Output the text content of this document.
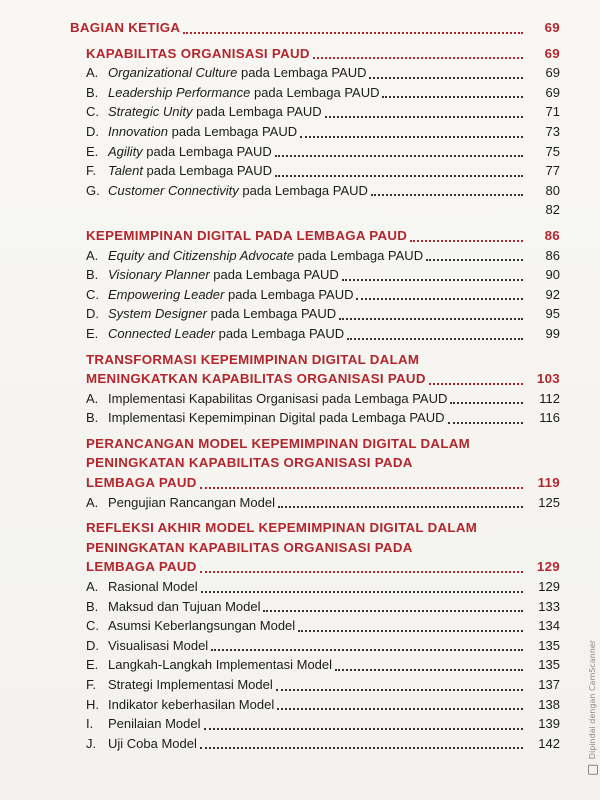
BAGIAN KETIGA	69
KAPABILITAS ORGANISASI PAUD	69
A. Organizational Culture pada Lembaga PAUD	69
B. Leadership Performance pada Lembaga PAUD	69
C. Strategic Unity pada Lembaga PAUD	71
D. Innovation pada Lembaga PAUD	73
E. Agility pada Lembaga PAUD	75
F. Talent pada Lembaga PAUD	77
G. Customer Connectivity pada Lembaga PAUD	80
82
KEPEMIMPINAN DIGITAL PADA LEMBAGA PAUD	86
A. Equity and Citizenship Advocate pada Lembaga PAUD	86
B. Visionary Planner pada Lembaga PAUD	90
C. Empowering Leader pada Lembaga PAUD	92
D. System Designer pada Lembaga PAUD	95
E. Connected Leader pada Lembaga PAUD	99
TRANSFORMASI KEPEMIMPINAN DIGITAL DALAM
MENINGKATKAN KAPABILITAS ORGANISASI PAUD	103
A. Implementasi Kapabilitas Organisasi pada Lembaga PAUD	112
B. Implementasi Kepemimpinan Digital pada Lembaga PAUD	116
PERANCANGAN MODEL KEPEMIMPINAN DIGITAL DALAM
PENINGKATAN KAPABILITAS ORGANISASI PADA
LEMBAGA PAUD	119
A. Pengujian Rancangan Model	125
REFLEKSI AKHIR MODEL KEPEMIMPINAN DIGITAL DALAM
PENINGKATAN KAPABILITAS ORGANISASI PADA
LEMBAGA PAUD	129
A. Rasional Model	129
B. Maksud dan Tujuan Model	133
C. Asumsi Keberlangsungan Model	134
D. Visualisasi Model	135
E. Langkah-Langkah Implementasi Model	135
F. Strategi Implementasi Model	137
H. Indikator keberhasilan Model	138
I.	Penilaian Model	139
J. Uji Coba Model	142	Dipindai dengan CamScanner
